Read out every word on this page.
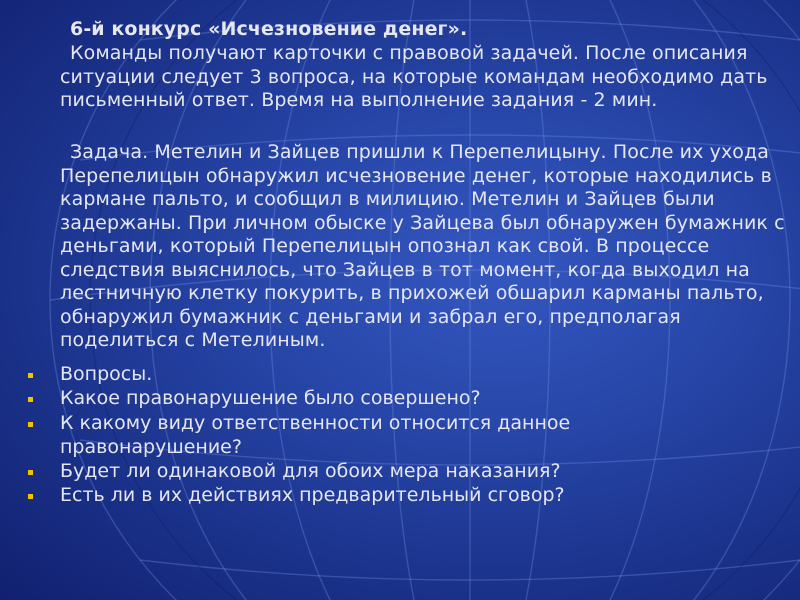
6-й конкурс «Исчезновение денег».

Команды получают карточки с правовой задачей. После описания ситуации следует 3 вопроса, на которые командам необходимо дать письменный ответ. Время на выполнение задания - 2 мин.

Задача. Метелин и Зайцев пришли к Перепелицыну. После их ухода Перепелицын обнаружил исчезновение денег, которые находились в кармане пальто, и сообщил в милицию. Метелин и Зайцев были задержаны. При личном обыске у Зайцева был обнаружен бумажник с деньгами, который Перепелицын опознал как свой. В процессе следствия выяснилось, что Зайцев в тот момент, когда выходил на лестничную клетку покурить, в прихожей обшарил карманы пальто, обнаружил бумажник с деньгами и забрал его, предполагая поделиться с Метелиным.

Вопросы.
Какое правонарушение было совершено?
К какому виду ответственности относится данное правонарушение?
Будет ли одинаковой для обоих мера наказания?
Есть ли в их действиях предварительный сговор?
